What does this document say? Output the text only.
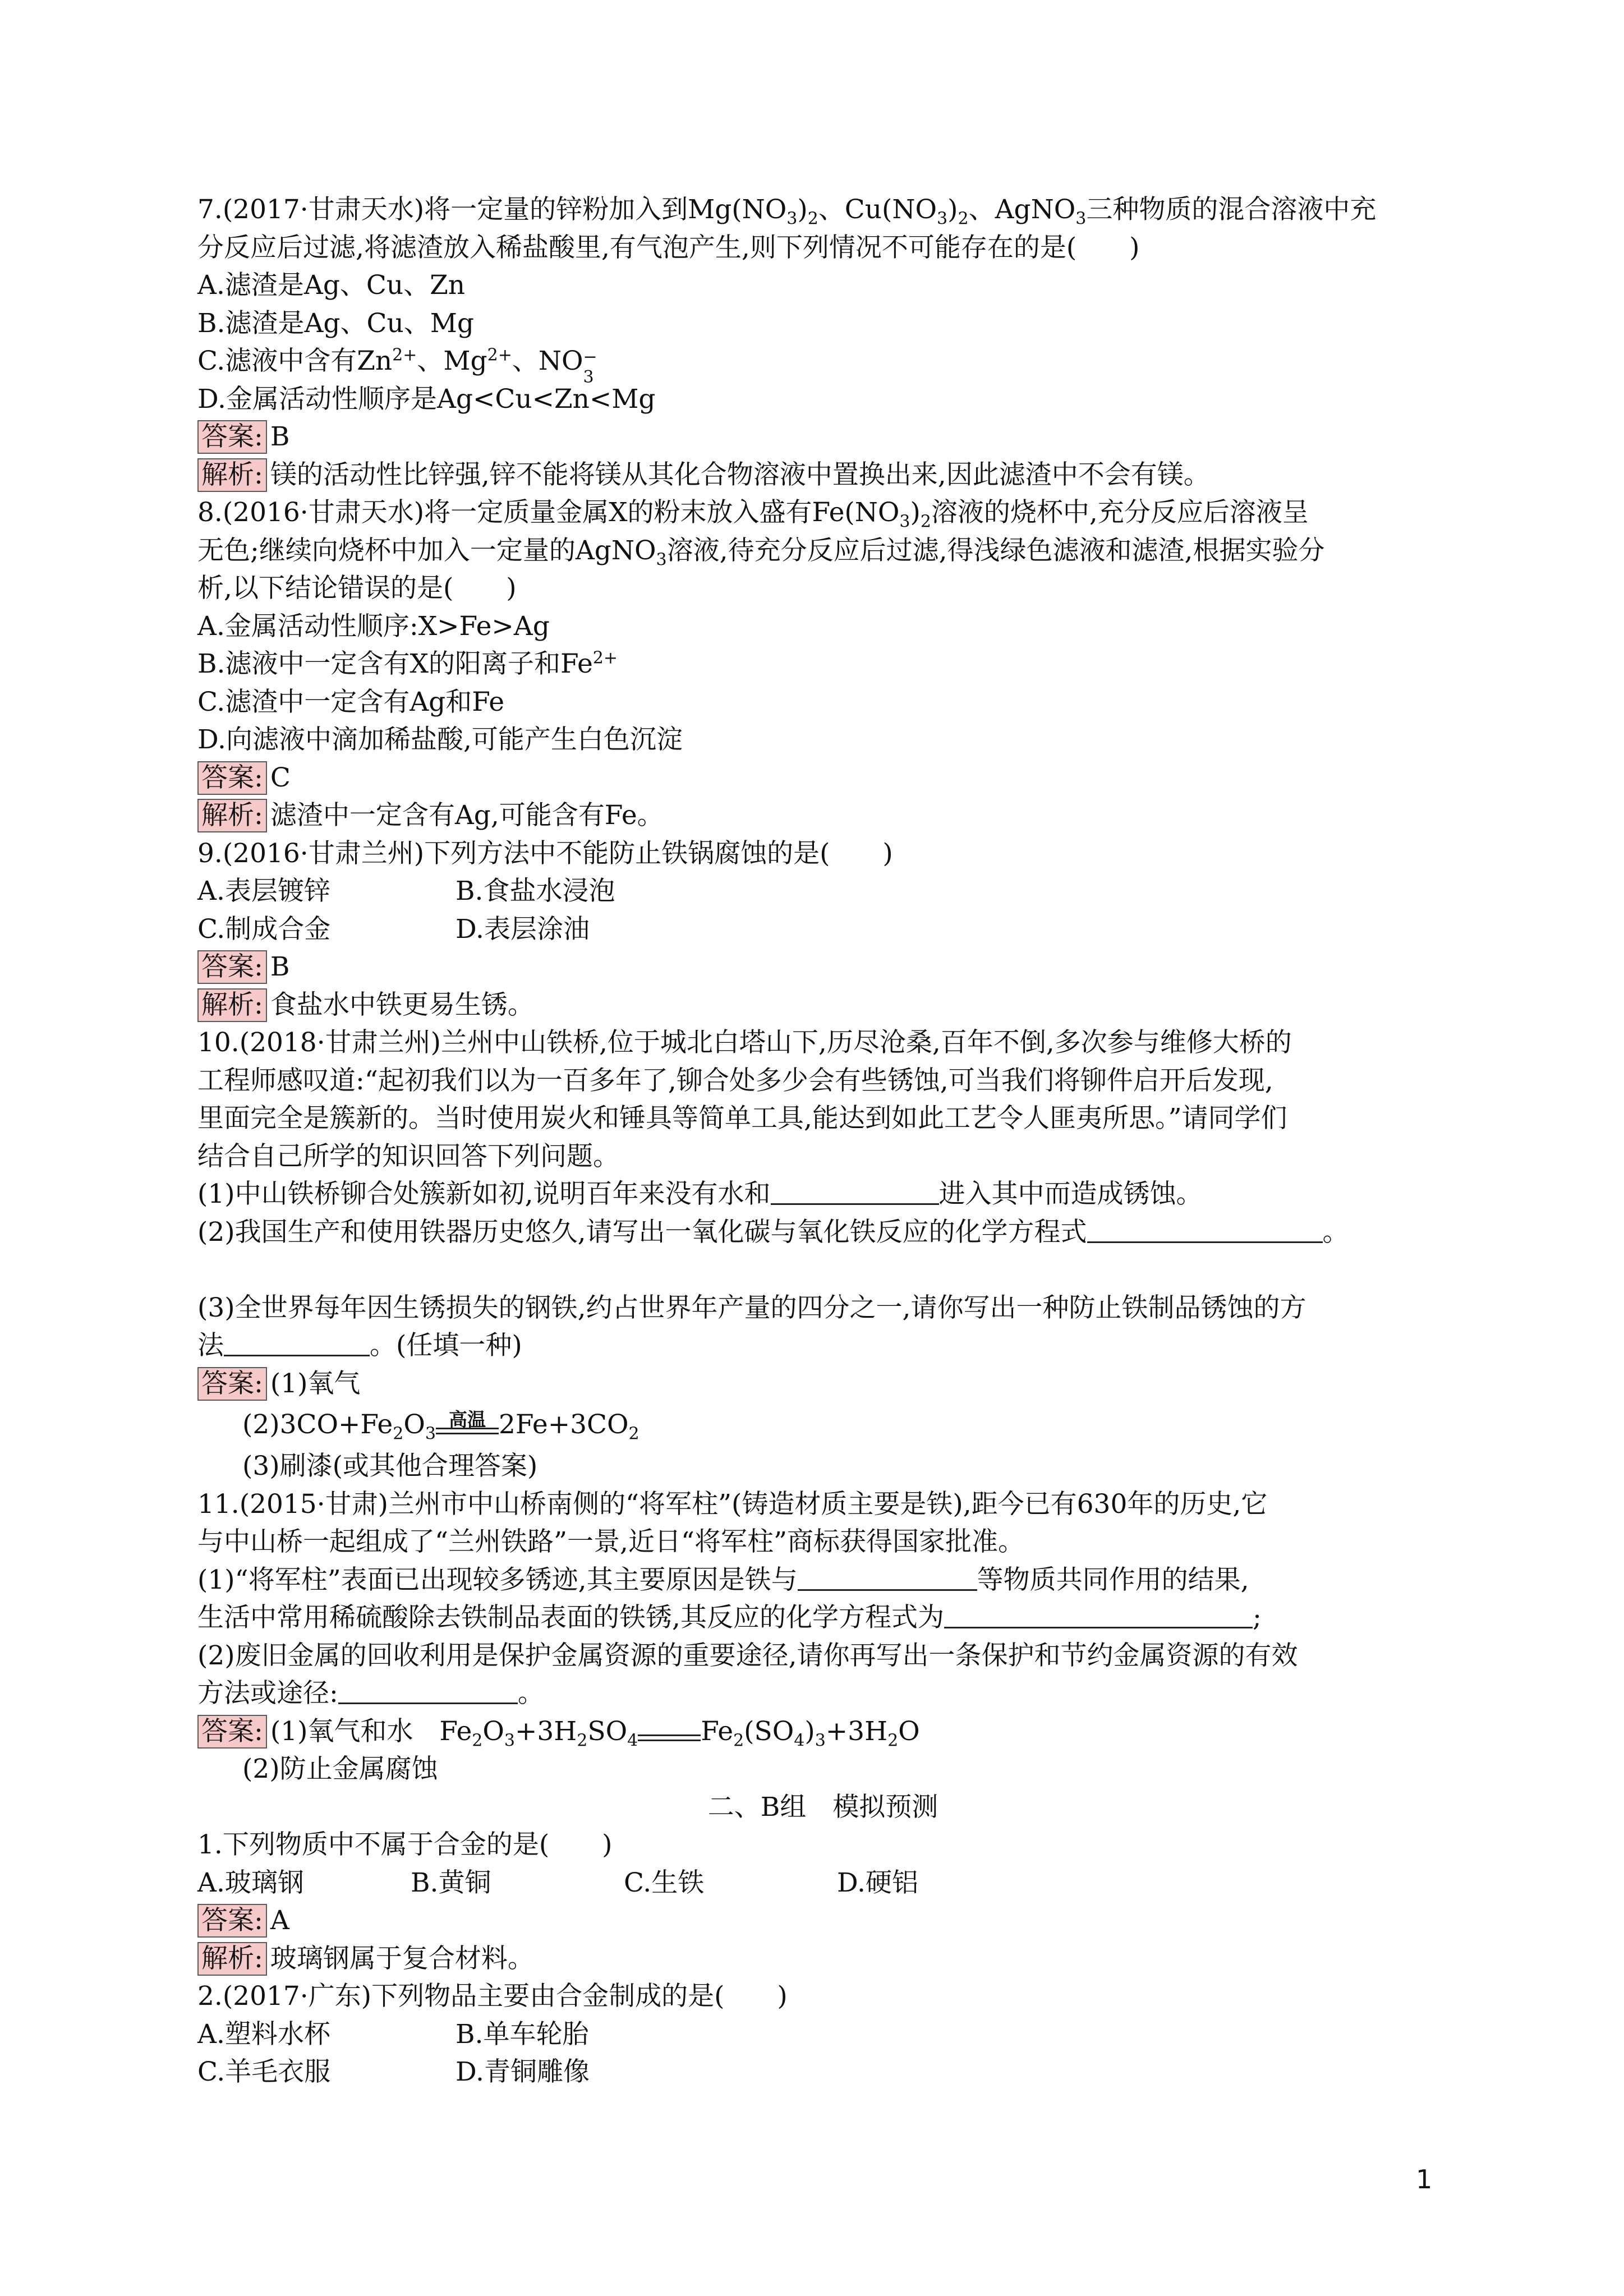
7.(2017·甘肃天水)将一定量的锌粉加入到$Mg(NO_3)_2$、$Cu(NO_3)_2$、AgNO$_3$三种物质的混合溶液中充
分反应后过滤,将滤渣放入稀盐酸里,有气泡产生,则下列情况不可能存在的是(　　)
A.滤渣是Ag、Cu、Zn
B.滤渣是Ag、Cu、Mg
C.滤液中含有$Zn^{2+}$、$Mg^{2+}$、NO −
3
D.金属活动性顺序是Ag<Cu<Zn<Mg
答案: B
解析: 镁的活动性比锌强,锌不能将镁从其化合物溶液中置换出来,因此滤渣中不会有镁。
8.(2016·甘肃天水)将一定质量金属X的粉末放入盛有$Fe(NO_3)_2$溶液的烧杯中,充分反应后溶液呈
无色;继续向烧杯中加入一定量的AgNO$_3$溶液,待充分反应后过滤,得浅绿色滤液和滤渣,根据实验分
析,以下结论错误的是(　　)
A.金属活动性顺序:X>Fe>Ag
B.滤液中一定含有X的阳离子和$Fe^{2+}$
C.滤渣中一定含有Ag和Fe
D.向滤液中滴加稀盐酸,可能产生白色沉淀
答案: C
解析: 滤渣中一定含有Ag,可能含有Fe。
9.(2016·甘肃兰州)下列方法中不能防止铁锅腐蚀的是(　　)
A.表层镀锌	B.食盐水浸泡
C.制成合金	D.表层涂油
答案: B
解析: 食盐水中铁更易生锈。
10.(2018·甘肃兰州)兰州中山铁桥,位于城北白塔山下,历尽沧桑,百年不倒,多次参与维修大桥的
工程师感叹道:“起初我们以为一百多年了,铆合处多少会有些锈蚀,可当我们将铆件启开后发现,
里面完全是簇新的。当时使用炭火和锤具等简单工具,能达到如此工艺令人匪夷所思。”请同学们
结合自己所学的知识回答下列问题。
(1)中山铁桥铆合处簇新如初,说明百年来没有水和	进入其中而造成锈蚀。
(2)我国生产和使用铁器历史悠久,请写出一氧化碳与氧化铁反应的化学方程式	。
(3)全世界每年因生锈损失的钢铁,约占世界年产量的四分之一,请你写出一种防止铁制品锈蚀的方
法	。(任填一种)
答案: (1)氧气
$(2)3CO+Fe_2O_3$
高温 $2Fe+3CO_2$
(3)刷漆(或其他合理答案)
11.(2015·甘肃)兰州市中山桥南侧的“将军柱”(铸造材质主要是铁),距今已有630年的历史,它
与中山桥一起组成了“兰州铁路”一景,近日“将军柱”商标获得国家批准。
(1)“将军柱”表面已出现较多锈迹,其主要原因是铁与	等物质共同作用的结果,
生活中常用稀硫酸除去铁制品表面的铁锈,其反应的化学方程式为	;
(2)废旧金属的回收利用是保护金属资源的重要途径,请你再写出一条保护和节约金属资源的有效
方法或途径:	。
答案: (1)氧气和水　$Fe_2O_3+3H_2SO_4$ $Fe_2(SO_4)_3+3H_2O$
(2)防止金属腐蚀
二、B组　模拟预测
1.下列物质中不属于合金的是(　　)
A.玻璃钢	B.黄铜	C.生铁	D.硬铝
答案: A
解析: 玻璃钢属于复合材料。
2.(2017·广东)下列物品主要由合金制成的是(　　)
A.塑料水杯	B.单车轮胎
C.羊毛衣服	D.青铜雕像
1
